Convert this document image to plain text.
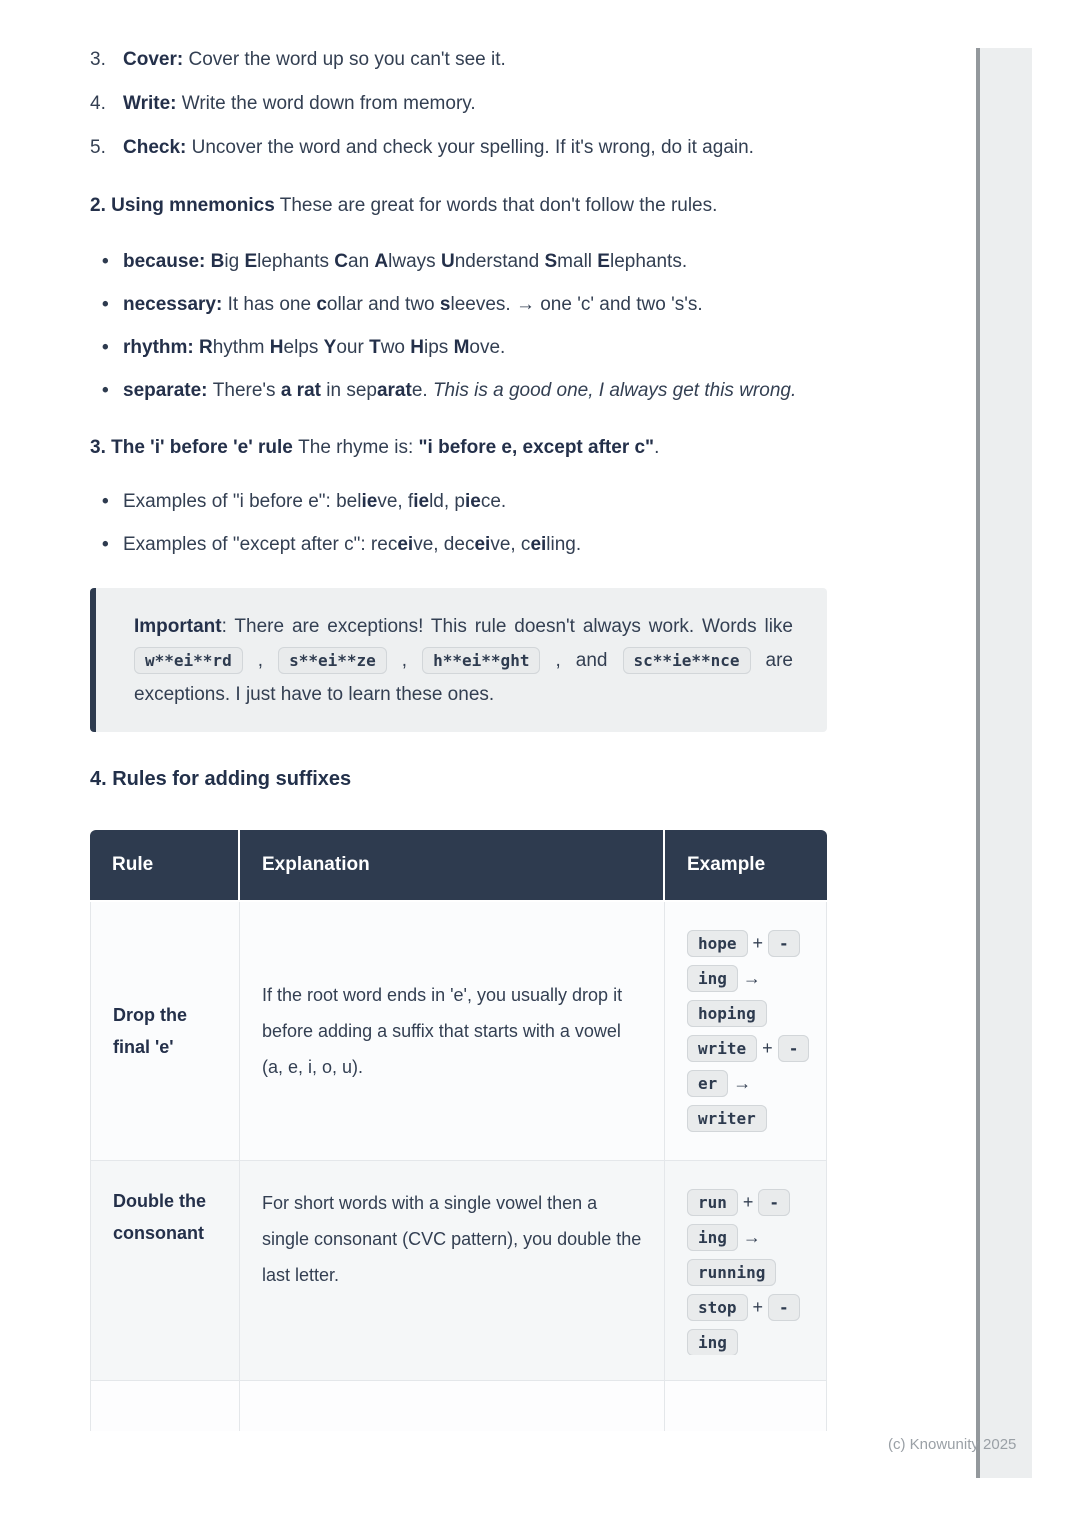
3. Cover: Cover the word up so you can't see it.
4. Write: Write the word down from memory.
5. Check: Uncover the word and check your spelling. If it's wrong, do it again.

2. Using mnemonics These are great for words that don't follow the rules.

• because: Big Elephants Can Always Understand Small Elephants.
• necessary: It has one collar and two sleeves. → one 'c' and two 's's.
• rhythm: Rhythm Helps Your Two Hips Move.
• separate: There's a rat in separate. This is a good one, I always get this wrong.

3. The 'i' before 'e' rule The rhyme is: "i before e, except after c".

• Examples of "i before e": believe, field, piece.
• Examples of "except after c": receive, deceive, ceiling.
Important: There are exceptions! This rule doesn't always work. Words like w**ei**rd , s**ei**ze , h**ei**ght , and sc**ie**nce are exceptions. I just have to learn these ones.
4. Rules for adding suffixes
Rule	Explanation	Example
Drop the final 'e'	If the root word ends in 'e', you usually drop it before adding a suffix that starts with a vowel (a, e, i, o, u).	hope + -ing → hoping write + -er → writer
Double the consonant	For short words with a single vowel then a single consonant (CVC pattern), you double the last letter.	run + -ing → running stop + -ing

(c) Knowunity 2025
